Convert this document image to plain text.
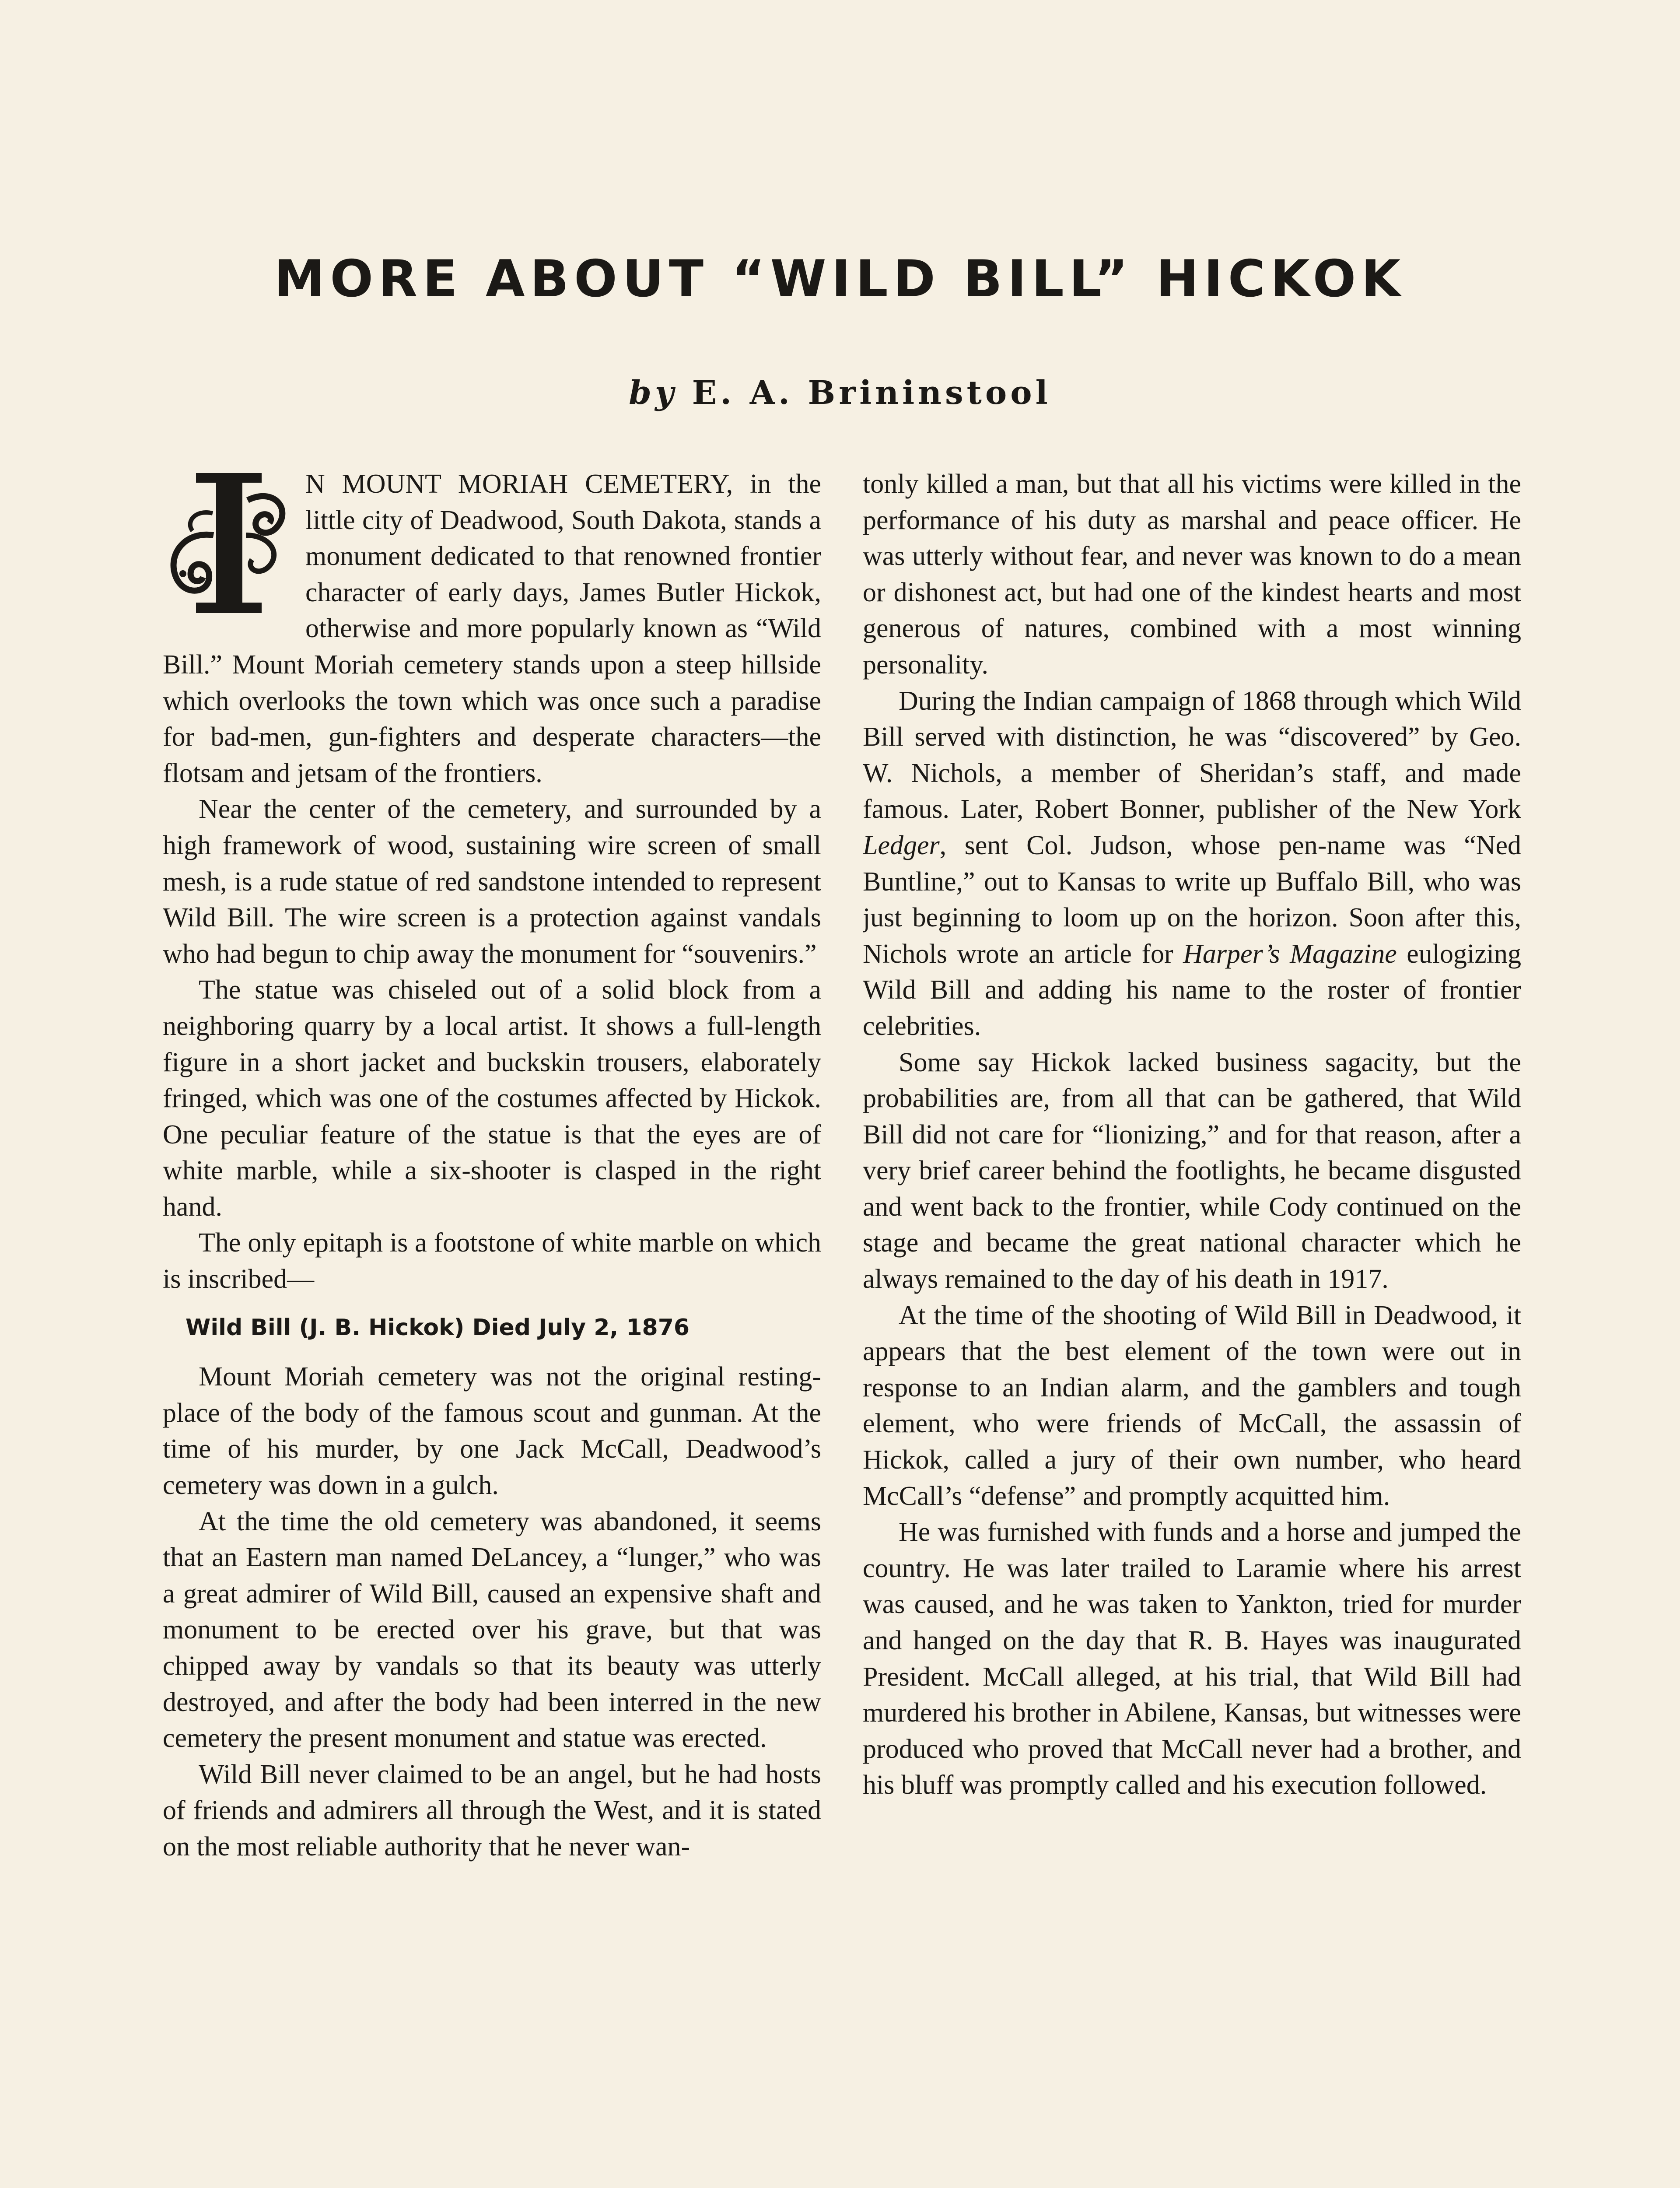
MORE ABOUT “WILD BILL” HICKOK

by E. A. Brininstool

N MOUNT MORIAH CEMETERY, in the little city of Deadwood, South Dakota, stands a monument dedicated to that renowned frontier character of early days, James Butler Hickok, otherwise and more popularly known as “Wild Bill.” Mount Moriah cemetery stands upon a steep hillside which overlooks the town which was once such a paradise for bad-men, gun-fighters and desperate characters—the flotsam and jetsam of the frontiers.

Near the center of the cemetery, and surrounded by a high framework of wood, sustaining wire screen of small mesh, is a rude statue of red sandstone intended to represent Wild Bill. The wire screen is a protection against vandals who had begun to chip away the monument for “souvenirs.”

The statue was chiseled out of a solid block from a neighboring quarry by a local artist. It shows a full-length figure in a short jacket and buckskin trousers, elaborately fringed, which was one of the costumes affected by Hickok. One peculiar feature of the statue is that the eyes are of white marble, while a six-shooter is clasped in the right hand.

The only epitaph is a footstone of white marble on which is inscribed—

Wild Bill (J. B. Hickok) Died July 2, 1876

Mount Moriah cemetery was not the original resting-place of the body of the famous scout and gunman. At the time of his murder, by one Jack McCall, Deadwood’s cemetery was down in a gulch.

At the time the old cemetery was abandoned, it seems that an Eastern man named DeLancey, a “lunger,” who was a great admirer of Wild Bill, caused an expensive shaft and monument to be erected over his grave, but that was chipped away by vandals so that its beauty was utterly destroyed, and after the body had been interred in the new cemetery the present monument and statue was erected.

Wild Bill never claimed to be an angel, but he had hosts of friends and admirers all through the West, and it is stated on the most reliable authority that he never wan-

tonly killed a man, but that all his victims were killed in the performance of his duty as marshal and peace officer. He was utterly without fear, and never was known to do a mean or dishonest act, but had one of the kindest hearts and most generous of natures, combined with a most winning personality.

During the Indian campaign of 1868 through which Wild Bill served with distinction, he was “discovered” by Geo. W. Nichols, a member of Sheridan’s staff, and made famous. Later, Robert Bonner, publisher of the New York Ledger, sent Col. Judson, whose pen-name was “Ned Buntline,” out to Kansas to write up Buffalo Bill, who was just beginning to loom up on the horizon. Soon after this, Nichols wrote an article for Harper’s Magazine eulogizing Wild Bill and adding his name to the roster of frontier celebrities.

Some say Hickok lacked business sagacity, but the probabilities are, from all that can be gathered, that Wild Bill did not care for “lionizing,” and for that reason, after a very brief career behind the footlights, he became disgusted and went back to the frontier, while Cody continued on the stage and became the great national character which he always remained to the day of his death in 1917.

At the time of the shooting of Wild Bill in Deadwood, it appears that the best element of the town were out in response to an Indian alarm, and the gamblers and tough element, who were friends of McCall, the assassin of Hickok, called a jury of their own number, who heard McCall’s “defense” and promptly acquitted him.

He was furnished with funds and a horse and jumped the country. He was later trailed to Laramie where his arrest was caused, and he was taken to Yankton, tried for murder and hanged on the day that R. B. Hayes was inaugurated President. McCall alleged, at his trial, that Wild Bill had murdered his brother in Abilene, Kansas, but witnesses were produced who proved that McCall never had a brother, and his bluff was promptly called and his execution followed.
